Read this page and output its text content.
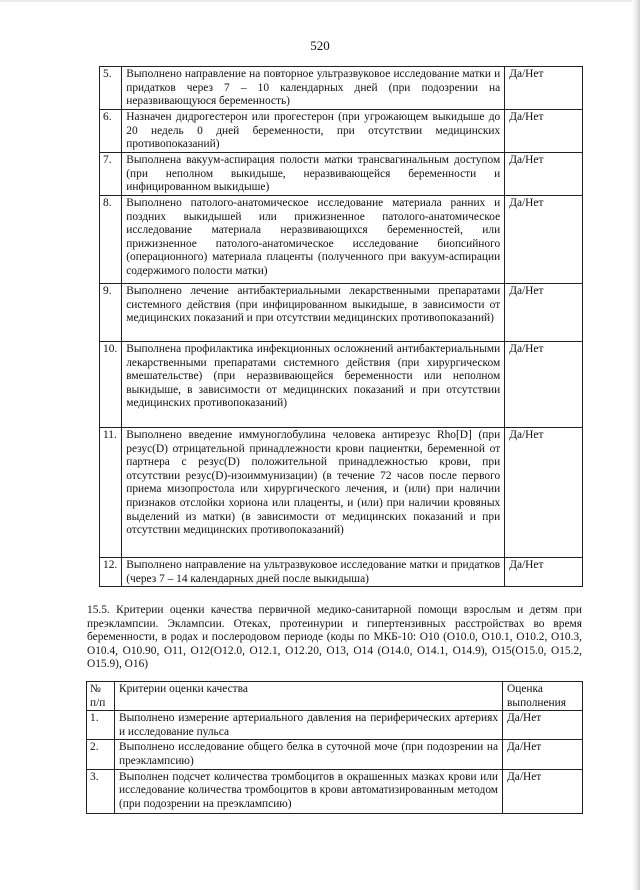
520
5.	Выполнено направление на повторное ультразвуковое исследование матки и придатков через 7 – 10 календарных дней (при подозрении на неразвивающуюся беременность)	Да/Нет
6.	Назначен дидрогестерон или прогестерон (при угрожающем выкидыше до 20 недель 0 дней беременности, при отсутствии медицинских противопоказаний)	Да/Нет
7.	Выполнена вакуум-аспирация полости матки трансвагинальным доступом (при неполном выкидыше, неразвивающейся беременности и инфицированном выкидыше)	Да/Нет
8.	Выполнено патолого-анатомическое исследование материала ранних и поздних выкидышей или прижизненное патолого-анатомическое исследование материала неразвивающихся беременностей, или прижизненное патолого-анатомическое исследование биопсийного (операционного) материала плаценты (полученного при вакуум-аспирации содержимого полости матки)	Да/Нет
9.	Выполнено лечение антибактериальными лекарственными препаратами системного действия (при инфицированном выкидыше, в зависимости от медицинских показаний и при отсутствии медицинских противопоказаний)	Да/Нет
10.	Выполнена профилактика инфекционных осложнений антибактериальными лекарственными препаратами системного действия (при хирургическом вмешательстве) (при неразвивающейся беременности или неполном выкидыше, в зависимости от медицинских показаний и при отсутствии медицинских противопоказаний)	Да/Нет
11.	Выполнено введение иммуноглобулина человека антирезус Rho[D] (при резус(D) отрицательной принадлежности крови пациентки, беременной от партнера с резус(D) положительной принадлежностью крови, при отсутствии резус(D)-изоиммунизации) (в течение 72 часов после первого приема мизопростола или хирургического лечения, и (или) при наличии признаков отслойки хориона или плаценты, и (или) при наличии кровяных выделений из матки) (в зависимости от медицинских показаний и при отсутствии медицинских противопоказаний)	Да/Нет
12.	Выполнено направление на ультразвуковое исследование матки и придатков (через 7 – 14 календарных дней после выкидыша)	Да/Нет
15.5. Критерии оценки качества первичной медико-санитарной помощи взрослым и детям при преэклампсии. Эклампсии. Отеках, протеинурии и гипертензивных расстройствах во время беременности, в родах и послеродовом периоде (коды по МКБ-10: O10 (O10.0, O10.1, O10.2, O10.3, O10.4, O10.90, O11, O12(O12.0, O12.1, O12.20, O13, O14 (O14.0, O14.1, O14.9), O15(O15.0, O15.2, O15.9), O16)
№ п/п	Критерии оценки качества	Оценка выполнения
1.	Выполнено измерение артериального давления на периферических артериях и исследование пульса	Да/Нет
2.	Выполнено исследование общего белка в суточной моче (при подозрении на преэклампсию)	Да/Нет
3.	Выполнен подсчет количества тромбоцитов в окрашенных мазках крови или исследование количества тромбоцитов в крови автоматизированным методом (при подозрении на преэклампсию)	Да/Нет
